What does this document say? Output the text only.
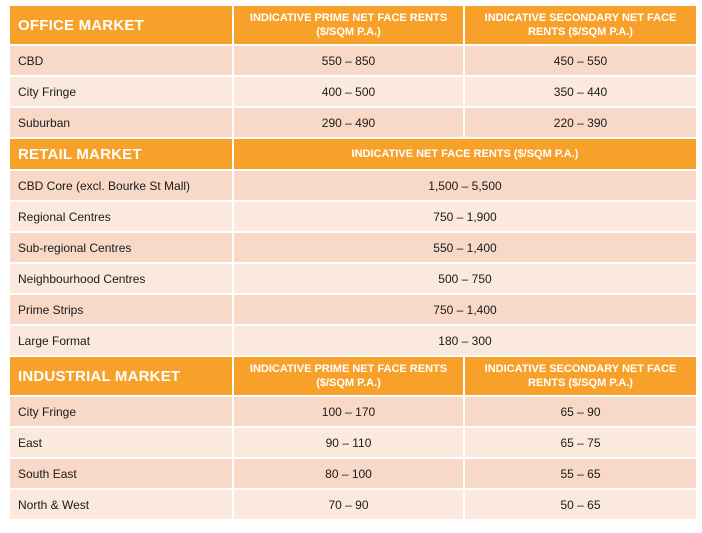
OFFICE MARKET	INDICATIVE PRIME NET FACE RENTS ($/SQM P.A.)	INDICATIVE SECONDARY NET FACE RENTS ($/SQM P.A.)
CBD	550 – 850	450 – 550
City Fringe	400 – 500	350 – 440
Suburban	290 – 490	220 – 390
RETAIL MARKET	INDICATIVE NET FACE RENTS ($/SQM P.A.)	
CBD Core (excl. Bourke St Mall)	1,500 – 5,500	
Regional Centres	750 – 1,900	
Sub-regional Centres	550 – 1,400	
Neighbourhood Centres	500 – 750	
Prime Strips	750 – 1,400	
Large Format	180 – 300	
INDUSTRIAL MARKET	INDICATIVE PRIME NET FACE RENTS ($/SQM P.A.)	INDICATIVE SECONDARY NET FACE RENTS ($/SQM P.A.)
City Fringe	100 – 170	65 – 90
East	90 – 110	65 – 75
South East	80 – 100	55 – 65
North & West	70 – 90	50 – 65
